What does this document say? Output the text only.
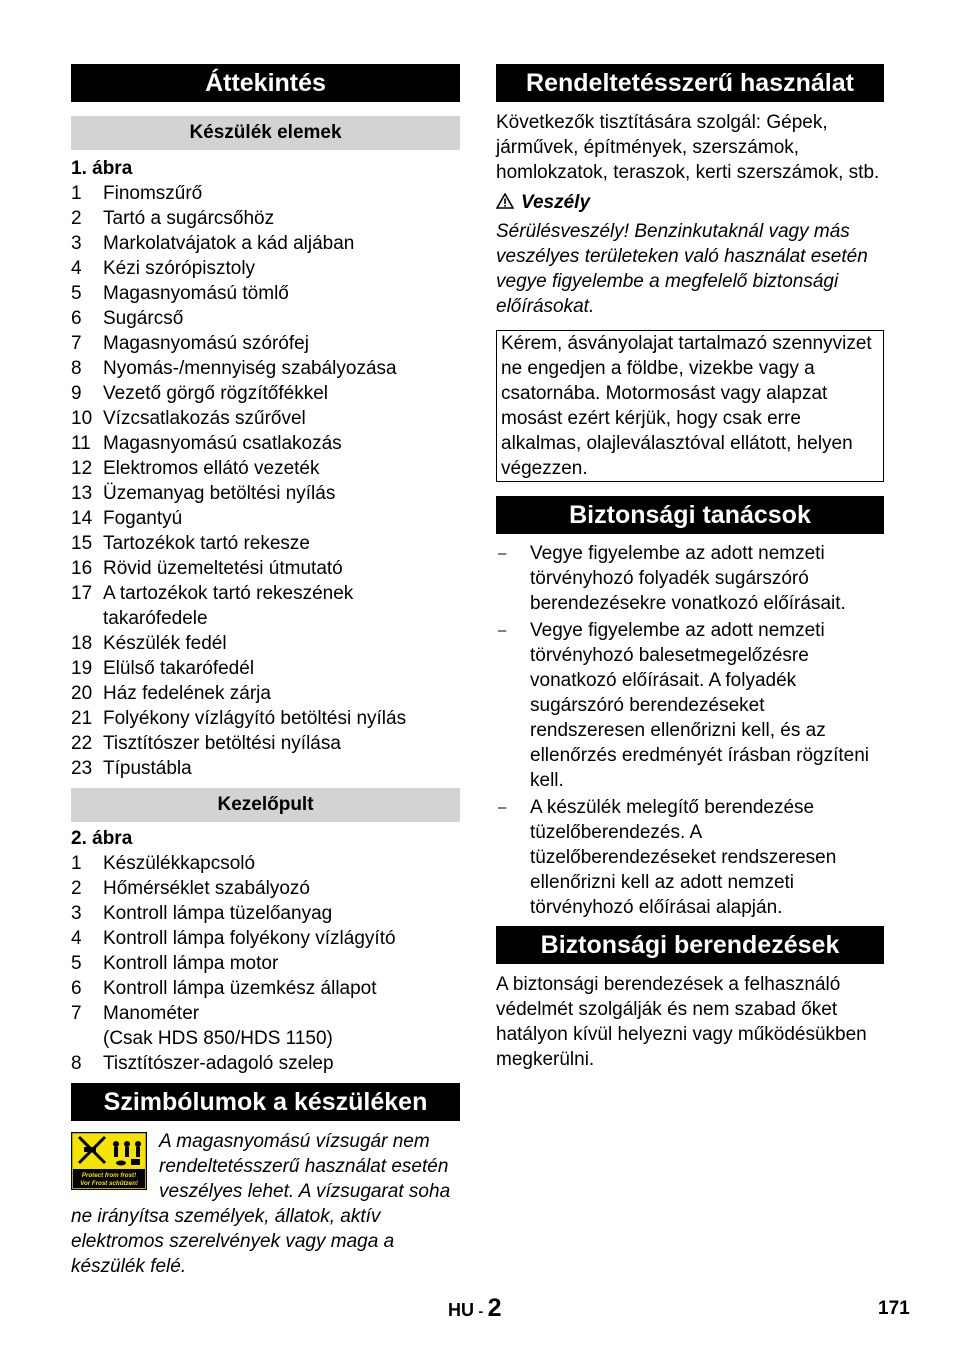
Áttekintés
Készülék elemek
1. ábra
1	Finomszűrő
2	Tartó a sugárcsőhöz
3	Markolatvájatok a kád aljában
4	Kézi szórópisztoly
5	Magasnyomású tömlő
6	Sugárcső
7	Magasnyomású szórófej
8	Nyomás-/mennyiség szabályozása
9	Vezető görgő rögzítőfékkel
10 Vízcsatlakozás szűrővel
11 Magasnyomású csatlakozás
12 Elektromos ellátó vezeték
13 Üzemanyag betöltési nyílás
14 Fogantyú
15 Tartozékok tartó rekesze
16 Rövid üzemeltetési útmutató
17 A tartozékok tartó rekeszének takarófedele
18 Készülék fedél
19 Elülső takarófedél
20 Ház fedelének zárja
21 Folyékony vízlágyító betöltési nyílás
22 Tisztítószer betöltési nyílása
23 Típustábla
Kezelőpult
2. ábra
1	Készülékkapcsoló
2	Hőmérséklet szabályozó
3	Kontroll lámpa tüzelőanyag
4	Kontroll lámpa folyékony vízlágyító
5	Kontroll lámpa motor
6	Kontroll lámpa üzemkész állapot
7	Manométer
(Csak HDS 850/HDS 1150)
8	Tisztítószer-adagoló szelep
Szimbólumok a készüléken
Protect from frost!
Vor Frost schützen!
A magasnyomású vízsugár nem rendeltetésszerű használat esetén veszélyes lehet. A vízsugarat soha ne irányítsa személyek, állatok, aktív elektromos szerelvények vagy maga a készülék felé.
Rendeltetésszerű használat
Következők tisztítására szolgál: Gépek, járművek, építmények, szerszámok, homlokzatok, teraszok, kerti szerszámok, stb.
Veszély
Sérülésveszély! Benzinkutaknál vagy más veszélyes területeken való használat esetén vegye figyelembe a megfelelő biztonsági előírásokat.
Kérem, ásványolajat tartalmazó szennyvizet ne engedjen a földbe, vizekbe vagy a csatornába. Motormosást vagy alapzat mosást ezért kérjük, hogy csak erre alkalmas, olajleválasztóval ellátott, helyen végezzen.
Biztonsági tanácsok
–	Vegye figyelembe az adott nemzeti törvényhozó folyadék sugárszóró berendezésekre vonatkozó előírásait.
–	Vegye figyelembe az adott nemzeti törvényhozó balesetmegelőzésre vonatkozó előírásait. A folyadék sugárszóró berendezéseket rendszeresen ellenőrizni kell, és az ellenőrzés eredményét írásban rögzíteni kell.
–	A készülék melegítő berendezése tüzelőberendezés. A tüzelőberendezéseket rendszeresen ellenőrizni kell az adott nemzeti törvényhozó előírásai alapján.
Biztonsági berendezések
A biztonsági berendezések a felhasználó védelmét szolgálják és nem szabad őket hatályon kívül helyezni vagy működésükben megkerülni.
HU - 2	171
